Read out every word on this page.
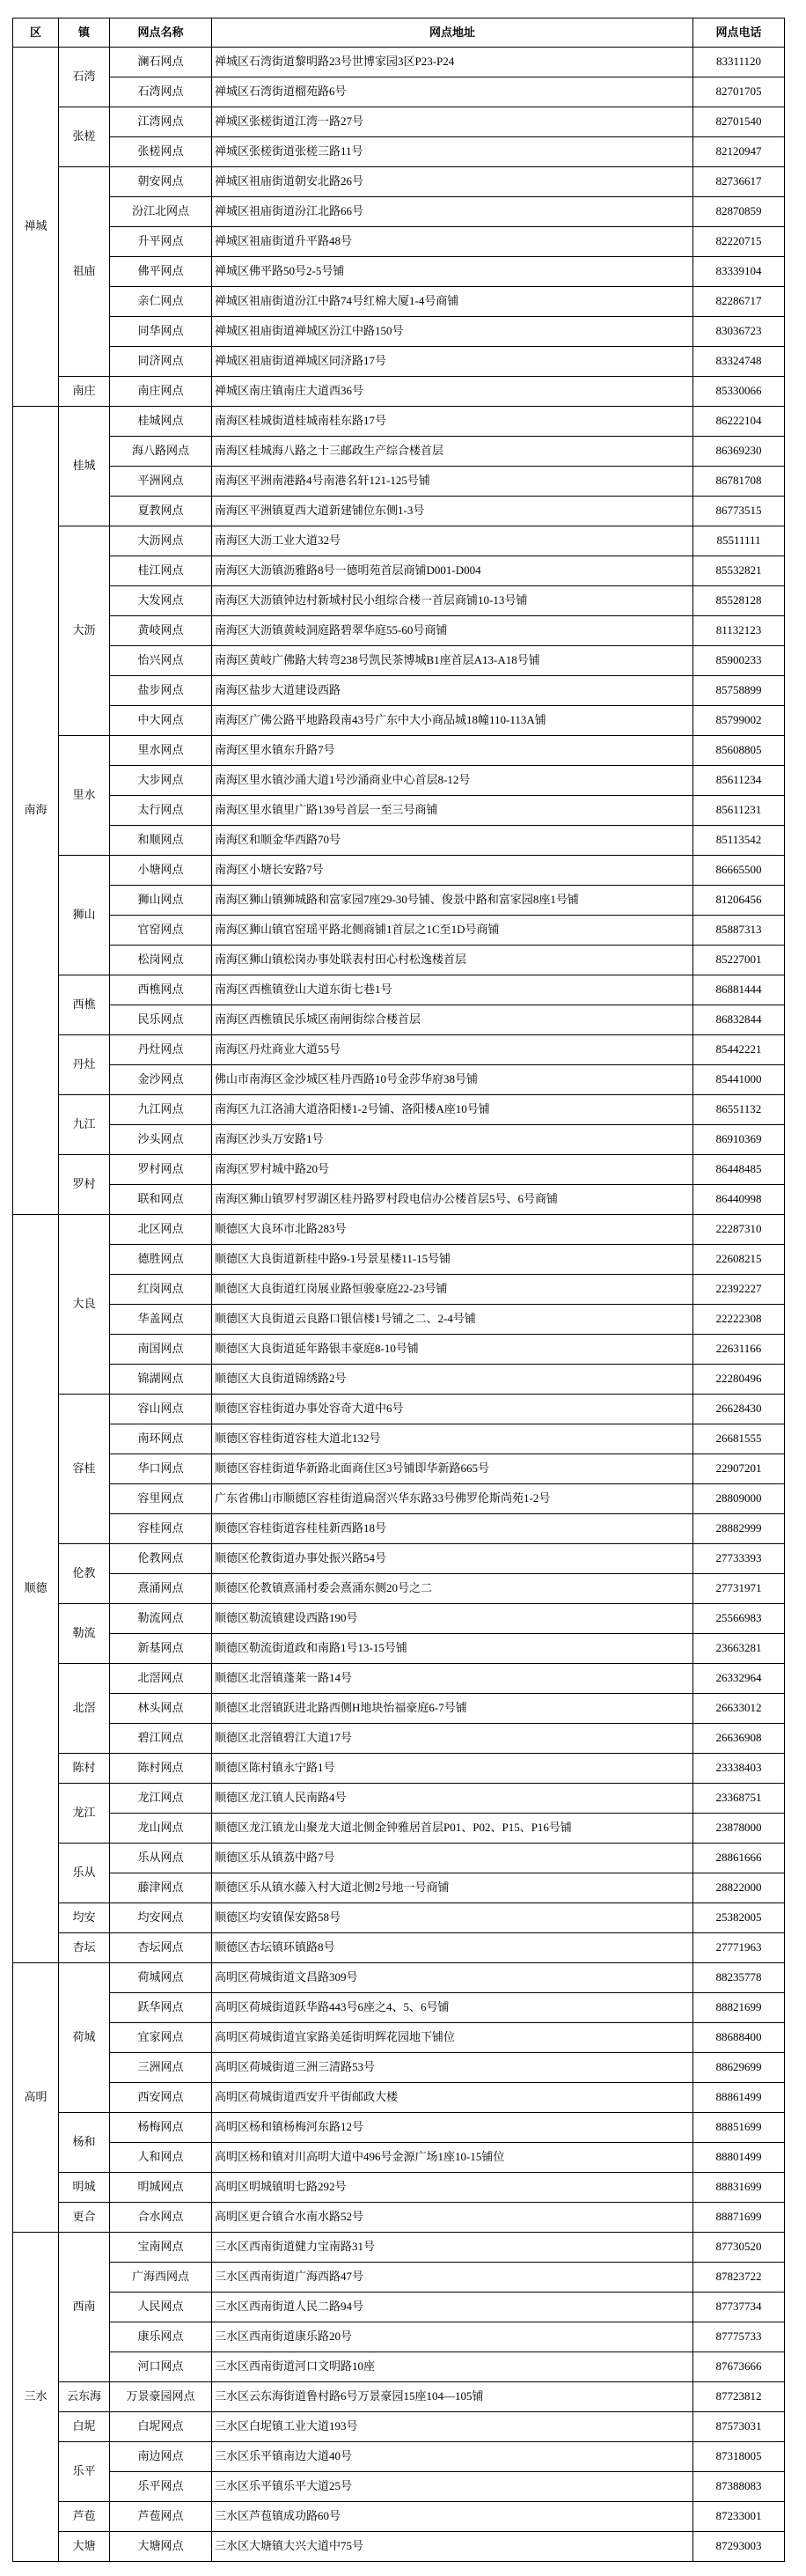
区	镇	网点名称	网点地址	网点电话
禅城	石湾	澜石网点	禅城区石湾街道黎明路23号世博家园3区P23-P24	83311120
		石湾网点	禅城区石湾街道榴苑路6号	82701705
	张槎	江湾网点	禅城区张槎街道江湾一路27号	82701540
		张槎网点	禅城区张槎街道张槎三路11号	82120947
	祖庙	朝安网点	禅城区祖庙街道朝安北路26号	82736617
		汾江北网点	禅城区祖庙街道汾江北路66号	82870859
		升平网点	禅城区祖庙街道升平路48号	82220715
		佛平网点	禅城区佛平路50号2-5号铺	83339104
		亲仁网点	禅城区祖庙街道汾江中路74号红棉大厦1-4号商铺	82286717
		同华网点	禅城区祖庙街道禅城区汾江中路150号	83036723
		同济网点	禅城区祖庙街道禅城区同济路17号	83324748
	南庄	南庄网点	禅城区南庄镇南庄大道西36号	85330066
南海	桂城	桂城网点	南海区桂城街道桂城南桂东路17号	86222104
		海八路网点	南海区桂城海八路之十三邮政生产综合楼首层	86369230
		平洲网点	南海区平洲南港路4号南港名轩121-125号铺	86781708
		夏教网点	南海区平洲镇夏西大道新建铺位东侧1-3号	86773515
	大沥	大沥网点	南海区大沥工业大道32号	85511111
		桂江网点	南海区大沥镇沥雅路8号一德明苑首层商铺D001-D004	85532821
		大发网点	南海区大沥镇钟边村新城村民小组综合楼一首层商铺10-13号铺	85528128
		黄岐网点	南海区大沥镇黄岐洞庭路碧翠华庭55-60号商铺	81132123
		怡兴网点	南海区黄岐广佛路大转弯238号凯民茶博城B1座首层A13-A18号铺	85900233
		盐步网点	南海区盐步大道建设西路	85758899
		中大网点	南海区广佛公路平地路段南43号广东中大小商品城18幢110-113A铺	85799002
	里水	里水网点	南海区里水镇东升路7号	85608805
		大步网点	南海区里水镇沙涌大道1号沙涌商业中心首层8-12号	85611234
		太行网点	南海区里水镇里广路139号首层一至三号商铺	85611231
		和顺网点	南海区和顺金华西路70号	85113542
	狮山	小塘网点	南海区小塘长安路7号	86665500
		狮山网点	南海区狮山镇狮城路和富家园7座29-30号铺、俊景中路和富家园8座1号铺	81206456
		官窑网点	南海区狮山镇官窑瑶平路北侧商铺1首层之1C至1D号商铺	85887313
		松岗网点	南海区狮山镇松岗办事处联表村田心村松逸楼首层	85227001
	西樵	西樵网点	南海区西樵镇登山大道东街七巷1号	86881444
		民乐网点	南海区西樵镇民乐城区南闸街综合楼首层	86832844
	丹灶	丹灶网点	南海区丹灶商业大道55号	85442221
		金沙网点	佛山市南海区金沙城区桂丹西路10号金莎华府38号铺	85441000
	九江	九江网点	南海区九江洛浦大道洛阳楼1-2号铺、洛阳楼A座10号铺	86551132
		沙头网点	南海区沙头万安路1号	86910369
	罗村	罗村网点	南海区罗村城中路20号	86448485
		联和网点	南海区狮山镇罗村罗湖区桂丹路罗村段电信办公楼首层5号、6号商铺	86440998
顺德	大良	北区网点	顺德区大良环市北路283号	22287310
		德胜网点	顺德区大良街道新桂中路9-1号景星楼11-15号铺	22608215
		红岗网点	顺德区大良街道红岗展业路恒骏豪庭22-23号铺	22392227
		华盖网点	顺德区大良街道云良路口银信楼1号铺之二、2-4号铺	22222308
		南国网点	顺德区大良街道延年路银丰豪庭8-10号铺	22631166
		锦湖网点	顺德区大良街道锦绣路2号	22280496
	容桂	容山网点	顺德区容桂街道办事处容奇大道中6号	26628430
		南环网点	顺德区容桂街道容桂大道北132号	26681555
		华口网点	顺德区容桂街道华新路北面商住区3号铺即华新路665号	22907201
		容里网点	广东省佛山市顺德区容桂街道扁滘兴华东路33号佛罗伦斯尚苑1-2号	28809000
		容桂网点	顺德区容桂街道容桂桂新西路18号	28882999
	伦教	伦教网点	顺德区伦教街道办事处振兴路54号	27733393
		熹涌网点	顺德区伦教镇熹涌村委会熹涌东侧20号之二	27731971
	勒流	勒流网点	顺德区勒流镇建设西路190号	25566983
		新基网点	顺德区勒流街道政和南路1号13-15号铺	23663281
	北滘	北滘网点	顺德区北滘镇蓬莱一路14号	26332964
		林头网点	顺德区北滘镇跃进北路西侧H地块怡福豪庭6-7号铺	26633012
		碧江网点	顺德区北滘镇碧江大道17号	26636908
	陈村	陈村网点	顺德区陈村镇永宁路1号	23338403
	龙江	龙江网点	顺德区龙江镇人民南路4号	23368751
		龙山网点	顺德区龙江镇龙山聚龙大道北侧金钟雅居首层P01、P02、P15、P16号铺	23878000
	乐从	乐从网点	顺德区乐从镇荔中路7号	28861666
		藤津网点	顺德区乐从镇水藤入村大道北侧2号地一号商铺	28822000
	均安	均安网点	顺德区均安镇保安路58号	25382005
	杏坛	杏坛网点	顺德区杏坛镇环镇路8号	27771963
高明	荷城	荷城网点	高明区荷城街道文昌路309号	88235778
		跃华网点	高明区荷城街道跃华路443号6座之4、5、6号铺	88821699
		宜家网点	高明区荷城街道宜家路美延街明辉花园地下铺位	88688400
		三洲网点	高明区荷城街道三洲三清路53号	88629699
		西安网点	高明区荷城街道西安升平街邮政大楼	88861499
	杨和	杨梅网点	高明区杨和镇杨梅河东路12号	88851699
		人和网点	高明区杨和镇对川高明大道中496号金源广场1座10-15铺位	88801499
	明城	明城网点	高明区明城镇明七路292号	88831699
	更合	合水网点	高明区更合镇合水南水路52号	88871699
三水	西南	宝南网点	三水区西南街道健力宝南路31号	87730520
		广海西网点	三水区西南街道广海西路47号	87823722
		人民网点	三水区西南街道人民二路94号	87737734
		康乐网点	三水区西南街道康乐路20号	87775733
		河口网点	三水区西南街道河口文明路10座	87673666
	云东海	万景豪园网点	三水区云东海街道鲁村路6号万景豪园15座104—105铺	87723812
	白坭	白坭网点	三水区白坭镇工业大道193号	87573031
	乐平	南边网点	三水区乐平镇南边大道40号	87318005
		乐平网点	三水区乐平镇乐平大道25号	87388083
	芦苞	芦苞网点	三水区芦苞镇成功路60号	87233001
	大塘	大塘网点	三水区大塘镇大兴大道中75号	87293003
